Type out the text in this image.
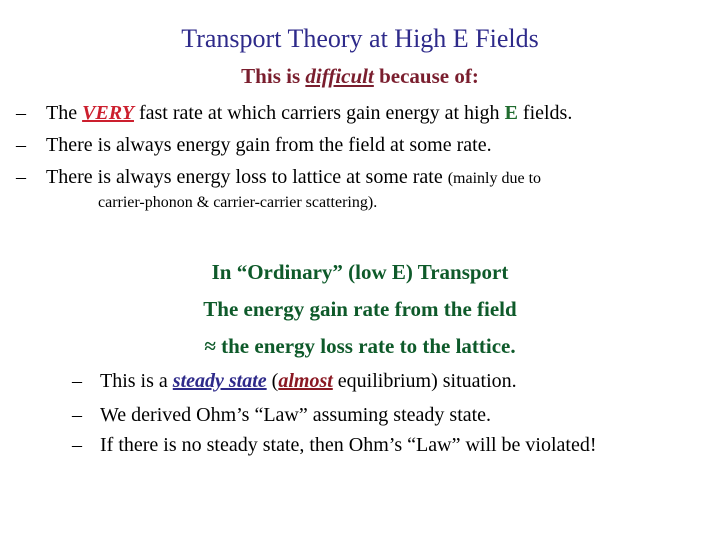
Transport Theory at High E Fields
This is difficult because of:
– The VERY fast rate at which carriers gain energy at high E fields.
– There is always energy gain from the field at some rate.
– There is always energy loss to lattice at some rate (mainly due to
carrier-phonon & carrier-carrier scattering).
In “Ordinary” (low E) Transport
The energy gain rate from the field
≈ the energy loss rate to the lattice.
– This is a steady state (almost equilibrium) situation.
– We derived Ohm’s “Law” assuming steady state.
– If there is no steady state, then Ohm’s “Law” will be violated!
